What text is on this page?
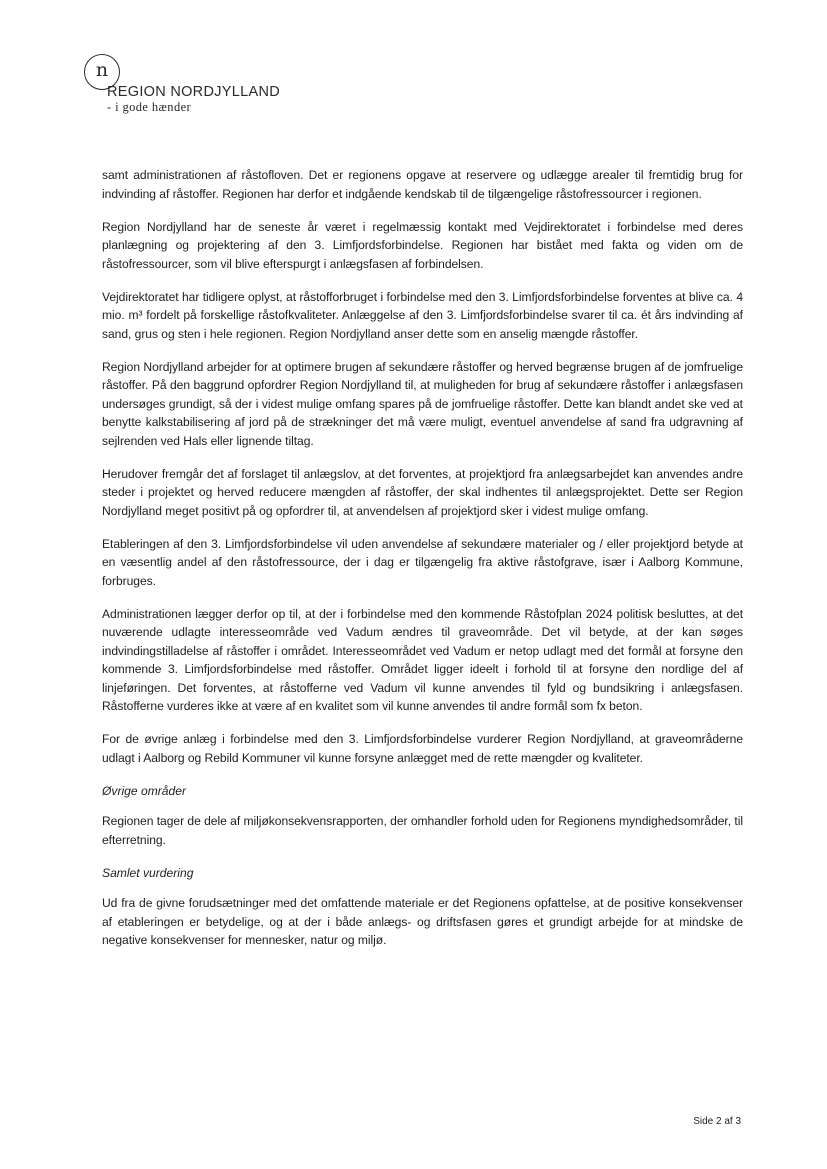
n
REGION NORDJYLLAND
- i gode hænder

samt administrationen af råstofloven. Det er regionens opgave at reservere og udlægge arealer til fremtidig brug for indvinding af råstoffer. Regionen har derfor et indgående kendskab til de tilgængelige råstofressourcer i regionen.

Region Nordjylland har de seneste år været i regelmæssig kontakt med Vejdirektoratet i forbindelse med deres planlægning og projektering af den 3. Limfjordsforbindelse. Regionen har bistået med fakta og viden om de råstofressourcer, som vil blive efterspurgt i anlægsfasen af forbindelsen.

Vejdirektoratet har tidligere oplyst, at råstofforbruget i forbindelse med den 3. Limfjordsforbindelse forventes at blive ca. 4 mio. m³ fordelt på forskellige råstofkvaliteter. Anlæggelse af den 3. Limfjordsforbindelse svarer til ca. ét års indvinding af sand, grus og sten i hele regionen. Region Nordjylland anser dette som en anselig mængde råstoffer.

Region Nordjylland arbejder for at optimere brugen af sekundære råstoffer og herved begrænse brugen af de jomfruelige råstoffer. På den baggrund opfordrer Region Nordjylland til, at muligheden for brug af sekundære råstoffer i anlægsfasen undersøges grundigt, så der i videst mulige omfang spares på de jomfruelige råstoffer. Dette kan blandt andet ske ved at benytte kalkstabilisering af jord på de strækninger det må være muligt, eventuel anvendelse af sand fra udgravning af sejlrenden ved Hals eller lignende tiltag.

Herudover fremgår det af forslaget til anlægslov, at det forventes, at projektjord fra anlægsarbejdet kan anvendes andre steder i projektet og herved reducere mængden af råstoffer, der skal indhentes til anlægsprojektet. Dette ser Region Nordjylland meget positivt på og opfordrer til, at anvendelsen af projektjord sker i videst mulige omfang.

Etableringen af den 3. Limfjordsforbindelse vil uden anvendelse af sekundære materialer og / eller projektjord betyde at en væsentlig andel af den råstofressource, der i dag er tilgængelig fra aktive råstofgrave, især i Aalborg Kommune, forbruges.

Administrationen lægger derfor op til, at der i forbindelse med den kommende Råstofplan 2024 politisk besluttes, at det nuværende udlagte interesseområde ved Vadum ændres til graveområde. Det vil betyde, at der kan søges indvindingstilladelse af råstoffer i området. Interesseområdet ved Vadum er netop udlagt med det formål at forsyne den kommende 3. Limfjordsforbindelse med råstoffer. Området ligger ideelt i forhold til at forsyne den nordlige del af linjeføringen. Det forventes, at råstofferne ved Vadum vil kunne anvendes til fyld og bundsikring i anlægsfasen. Råstofferne vurderes ikke at være af en kvalitet som vil kunne anvendes til andre formål som fx beton.

For de øvrige anlæg i forbindelse med den 3. Limfjordsforbindelse vurderer Region Nordjylland, at graveområderne udlagt i Aalborg og Rebild Kommuner vil kunne forsyne anlægget med de rette mængder og kvaliteter.

Øvrige områder

Regionen tager de dele af miljøkonsekvensrapporten, der omhandler forhold uden for Regionens myndighedsområder, til efterretning.

Samlet vurdering

Ud fra de givne forudsætninger med det omfattende materiale er det Regionens opfattelse, at de positive konsekvenser af etableringen er betydelige, og at der i både anlægs- og driftsfasen gøres et grundigt arbejde for at mindske de negative konsekvenser for mennesker, natur og miljø.

Side 2 af 3
